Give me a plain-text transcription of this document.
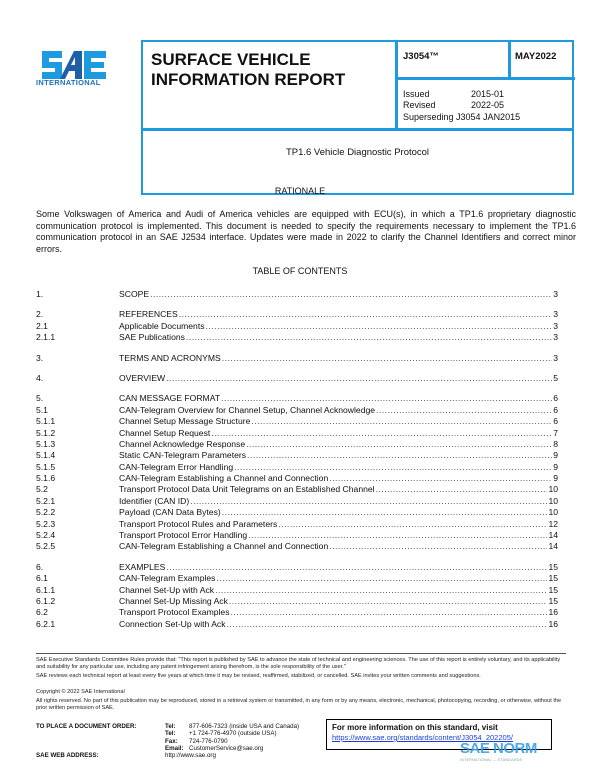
INTERNATIONAL
SURFACE VEHICLE
INFORMATION REPORT
J3054™	MAY2022
Issued	2015-01
Revised	2022-05
Superseding J3054 JAN2015
TP1.6 Vehicle Diagnostic Protocol
RATIONALE
Some Volkswagen of America and Audi of America vehicles are equipped with ECU(s), in which a TP1.6 proprietary diagnostic communication protocol is implemented. This document is needed to specify the requirements necessary to implement the TP1.6 communication protocol in an SAE J2534 interface. Updates were made in 2022 to clarify the Channel Identifiers and correct minor errors.
TABLE OF CONTENTS
1.	SCOPE .....	3
2.	REFERENCES .....	3
2.1	Applicable Documents .....	3
2.1.1	SAE Publications .....	3
3.	TERMS AND ACRONYMS .....	3
4.	OVERVIEW .....	5
5.	CAN MESSAGE FORMAT .....	6
5.1	CAN-Telegram Overview for Channel Setup, Channel Acknowledge .....	6
5.1.1	Channel Setup Message Structure .....	6
5.1.2	Channel Setup Request .....	7
5.1.3	Channel Acknowledge Response .....	8
5.1.4	Static CAN-Telegram Parameters .....	9
5.1.5	CAN-Telegram Error Handling .....	9
5.1.6	CAN-Telegram Establishing a Channel and Connection .....	9
5.2	Transport Protocol Data Unit Telegrams on an Established Channel .....	10
5.2.1	Identifier (CAN ID) .....	10
5.2.2	Payload (CAN Data Bytes) .....	10
5.2.3	Transport Protocol Rules and Parameters .....	12
5.2.4	Transport Protocol Error Handling .....	14
5.2.5	CAN-Telegram Establishing a Channel and Connection .....	14
6.	EXAMPLES .....	15
6.1	CAN-Telegram Examples .....	15
6.1.1	Channel Set-Up with Ack .....	15
6.1.2	Channel Set-Up Missing Ack .....	15
6.2	Transport Protocol Examples .....	16
6.2.1	Connection Set-Up with Ack .....	16
SAE Executive Standards Committee Rules provide that: "This report is published by SAE to advance the state of technical and engineering sciences. The use of this report is entirely voluntary, and its applicability and suitability for any particular use, including any patent infringement arising therefrom, is the sole responsibility of the user."
SAE reviews each technical report at least every five years at which time it may be revised, reaffirmed, stabilized, or cancelled. SAE invites your written comments and suggestions.
Copyright © 2022 SAE International
All rights reserved. No part of this publication may be reproduced, stored in a retrieval system or transmitted, in any form or by any means, electronic, mechanical, photocopying, recording, or otherwise, without the prior written permission of SAE.
TO PLACE A DOCUMENT ORDER:
SAE WEB ADDRESS:
Tel: 877-606-7323 (inside USA and Canada)
Tel: +1 724-776-4970 (outside USA)
Fax: 724-776-0790
Email: CustomerService@sae.org
http://www.sae.org
For more information on this standard, visit
https://www.sae.org/standards/content/J3054_202205/
SAE NORM
INTERNATIONAL — STANDARDS
